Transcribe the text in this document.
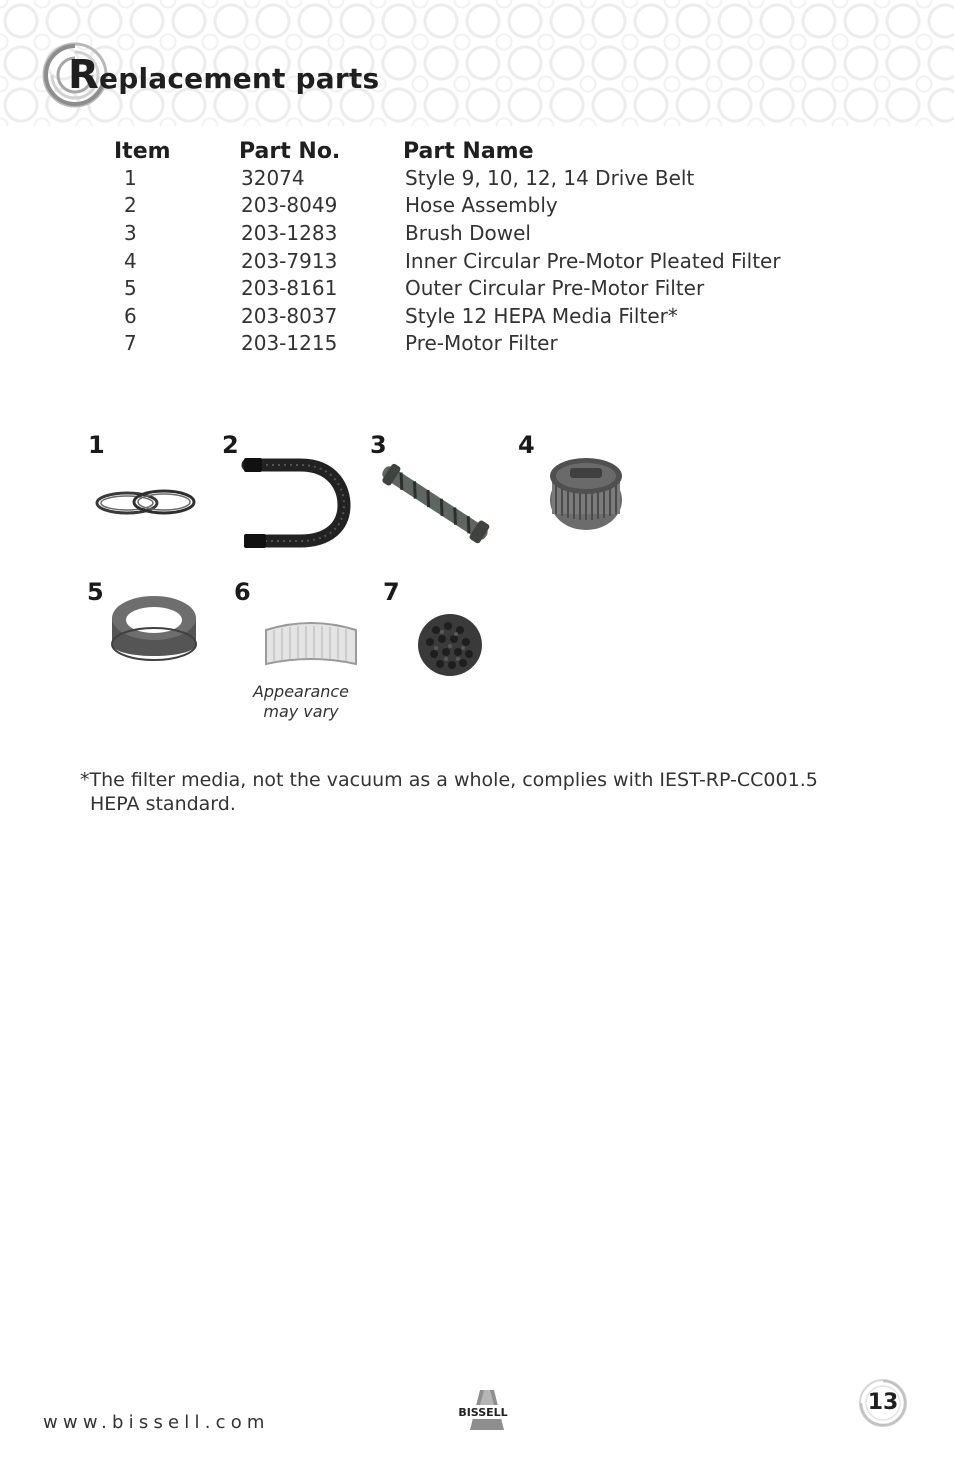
Replacement parts
Item	Part No.	Part Name
1	32074	Style 9, 10, 12, 14 Drive Belt
2	203-8049	Hose Assembly
3	203-1283	Brush Dowel
4	203-7913	Inner Circular Pre-Motor Pleated Filter
5	203-8161	Outer Circular Pre-Motor Filter
6	203-8037	Style 12 HEPA Media Filter*
7	203-1215	Pre-Motor Filter
1	2	3	4
5	6	7
Appearance
may vary
*The filter media, not the vacuum as a whole, complies with IEST-RP-CC001.5
HEPA standard.
www.bissell.com	BISSELL	13
